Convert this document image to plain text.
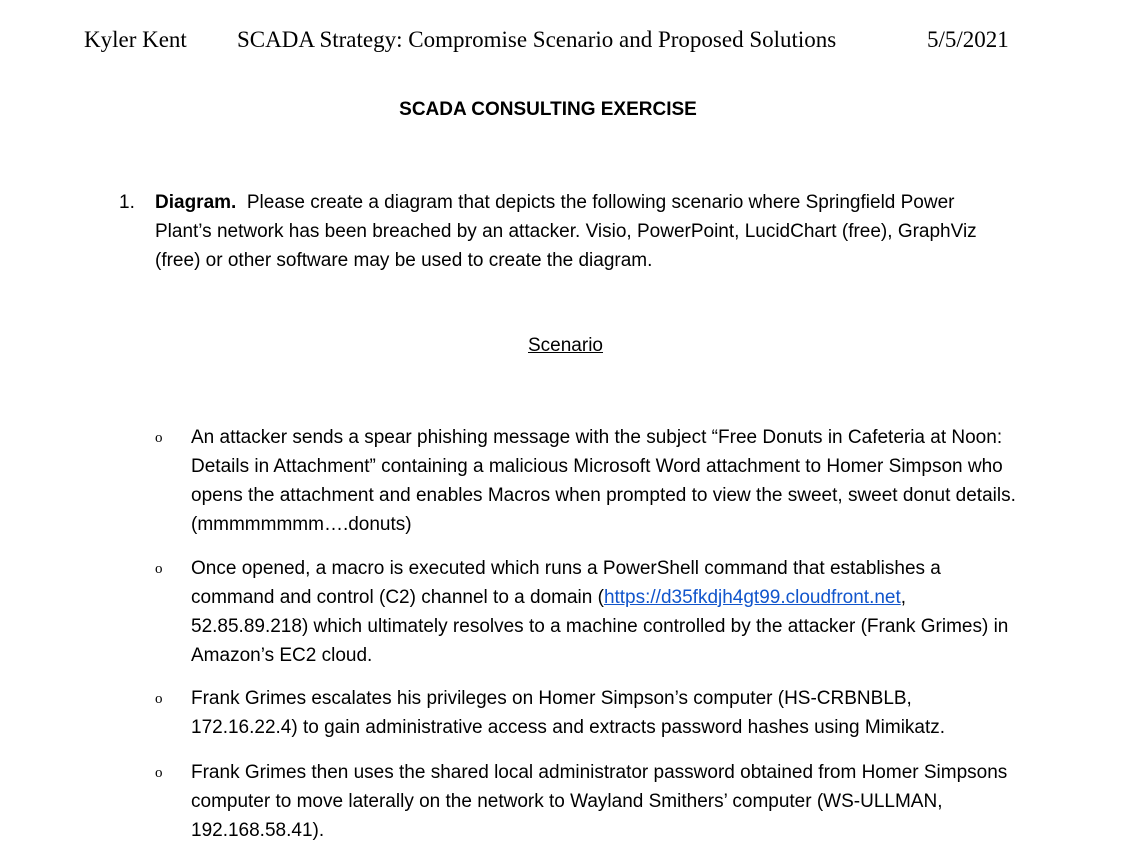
Kyler Kent SCADA Strategy: Compromise Scenario and Proposed Solutions	5/5/2021
SCADA CONSULTING EXERCISE
1. Diagram. Please create a diagram that depicts the following scenario where Springfield Power Plant’s network has been breached by an attacker. Visio, PowerPoint, LucidChart (free), GraphViz (free) or other software may be used to create the diagram.
Scenario
o An attacker sends a spear phishing message with the subject “Free Donuts in Cafeteria at Noon: Details in Attachment” containing a malicious Microsoft Word attachment to Homer Simpson who opens the attachment and enables Macros when prompted to view the sweet, sweet donut details. (mmmmmmmm….donuts)
o Once opened, a macro is executed which runs a PowerShell command that establishes a command and control (C2) channel to a domain (https://d35fkdjh4gt99.cloudfront.net, 52.85.89.218) which ultimately resolves to a machine controlled by the attacker (Frank Grimes) in Amazon’s EC2 cloud.
o Frank Grimes escalates his privileges on Homer Simpson’s computer (HS-CRBNBLB, 172.16.22.4) to gain administrative access and extracts password hashes using Mimikatz.
o Frank Grimes then uses the shared local administrator password obtained from Homer Simpsons computer to move laterally on the network to Wayland Smithers’ computer (WS-ULLMAN, 192.168.58.41).
